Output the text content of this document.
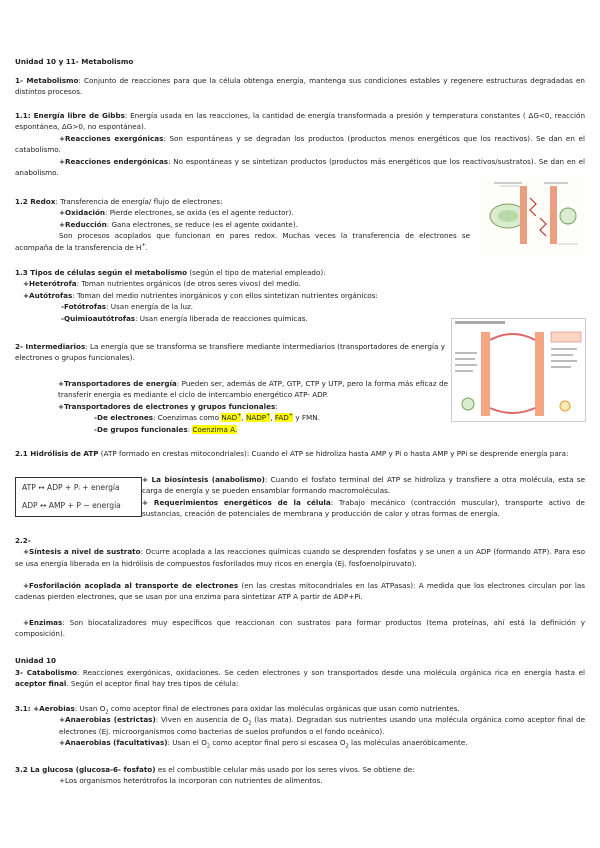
Unidad 10 y 11- Metabolismo
1- Metabolismo: Conjunto de reacciones para que la célula obtenga energía, mantenga sus condiciones estables y regenere estructuras degradadas en distintos procesos.

1.1: Energía libre de Gibbs: Energía usada en las reacciones, la cantidad de energía transformada a presión y temperatura constantes ( ΔG<0, reacción espontánea, ΔG>0, no espontánea).

+Reacciones exergónicas: Son espontáneas y se degradan los productos (productos menos energéticos que los reactivos). Se dan en el catabolismo.

+Reacciones endergónicas: No espontáneas y se sintetizan productos (productos más energéticos que los reactivos/sustratos). Se dan en el anabolismo.

1.2 Redox: Transferencia de energía/ flujo de electrones:

+Oxidación: Pierde electrones, se oxida (es el agente reductor).

+Reducción: Gana electrones, se reduce (es el agente oxidante).

Son procesos acoplados que funcionan en pares redox. Muchas veces la transferencia de electrones se acompaña de la transferencia de H+.

1.3 Tipos de células según el metabolismo (según el tipo de material empleado):

+Heterótrofa: Toman nutrientes orgánicos (de otros seres vivos) del medio.

+Autótrofas: Toman del medio nutrientes inorgánicos y con ellos sintetizan nutrientes orgánicos:

-Fotótrofas: Usan energía de la luz.

-Quimioautótrofas: Usan energía liberada de reacciones químicas.

2- Intermediarios: La energía que se transforma se transfiere mediante intermediarios (transportadores de energía y electrones o grupos funcionales).

+Transportadores de energía: Pueden ser, además de ATP, GTP, CTP y UTP, pero la forma más eficaz de transferir energía es mediante el ciclo de intercambio energético ATP- ADP.

+Transportadores de electrones y grupos funcionales:

-De electrones: Coenzimas como NAD+, NADP+, FAD+ y FMN.

-De grupos funcionales: Coenzima A.

2.1 Hidrólisis de ATP (ATP formado en crestas mitocondriales): Cuando el ATP se hidroliza hasta AMP y Pi o hasta AMP y PPi se desprende energía para:

ATP ↔ ADP + Pᵢ + energía
ADP ↔ AMP + P ~ energía

+ La biosíntesis (anabolismo): Cuando el fosfato terminal del ATP se hidroliza y transfiere a otra molécula, esta se carga de energía y se pueden ensamblar formando macromoléculas.

+ Requerimientos energéticos de la célula: Trabajo mecánico (contracción muscular), transporte activo de sustancias, creación de potenciales de membrana y producción de calor y otras formas de energía.

2.2-

+Síntesis a nivel de sustrato: Ocurre acoplada a las reacciones químicas cuando se desprenden fosfatos y se unen a un ADP (formando ATP). Para eso se usa energía liberada en la hidrólisis de compuestos fosforilados muy ricos en energía (Ej. fosfoenolpiruvato).

+Fosforilación acoplada al transporte de electrones (en las crestas mitocondriales en las ATPasas): A medida que los electrones circulan por las cadenas pierden electrones, que se usan por una enzima para sintetizar ATP A partir de ADP+Pi.

+Enzimas: Son biocatalizadores muy específicos que reaccionan con sustratos para formar productos (tema proteínas, ahí está la definición y composición).

Unidad 10

3- Catabolismo: Reacciones exergónicas, oxidaciones. Se ceden electrones y son transportados desde una molécula orgánica rica en energía hasta el aceptor final. Según el aceptor final hay tres tipos de célula:

3.1: +Aerobias: Usan $O_2$ como aceptor final de electrones para oxidar las moléculas orgánicas que usan como nutrientes.

+Anaerobias (estrictas): Viven en ausencia de $O_2$ (las mata). Degradan sus nutrientes usando una molécula orgánica como aceptor final de electrones (Ej. microorganismos como bacterias de suelos profundos o el fondo oceánico).

+Anaerobias (facultativas): Usan el $O_2$ como aceptor final pero si escasea $O_2$ las moléculas anaeróbicamente.

3.2 La glucosa (glucosa-6- fosfato) es el combustible celular más usado por los seres vivos. Se obtiene de:

+Los organismos heterótrofos la incorporan con nutrientes de alimentos.
